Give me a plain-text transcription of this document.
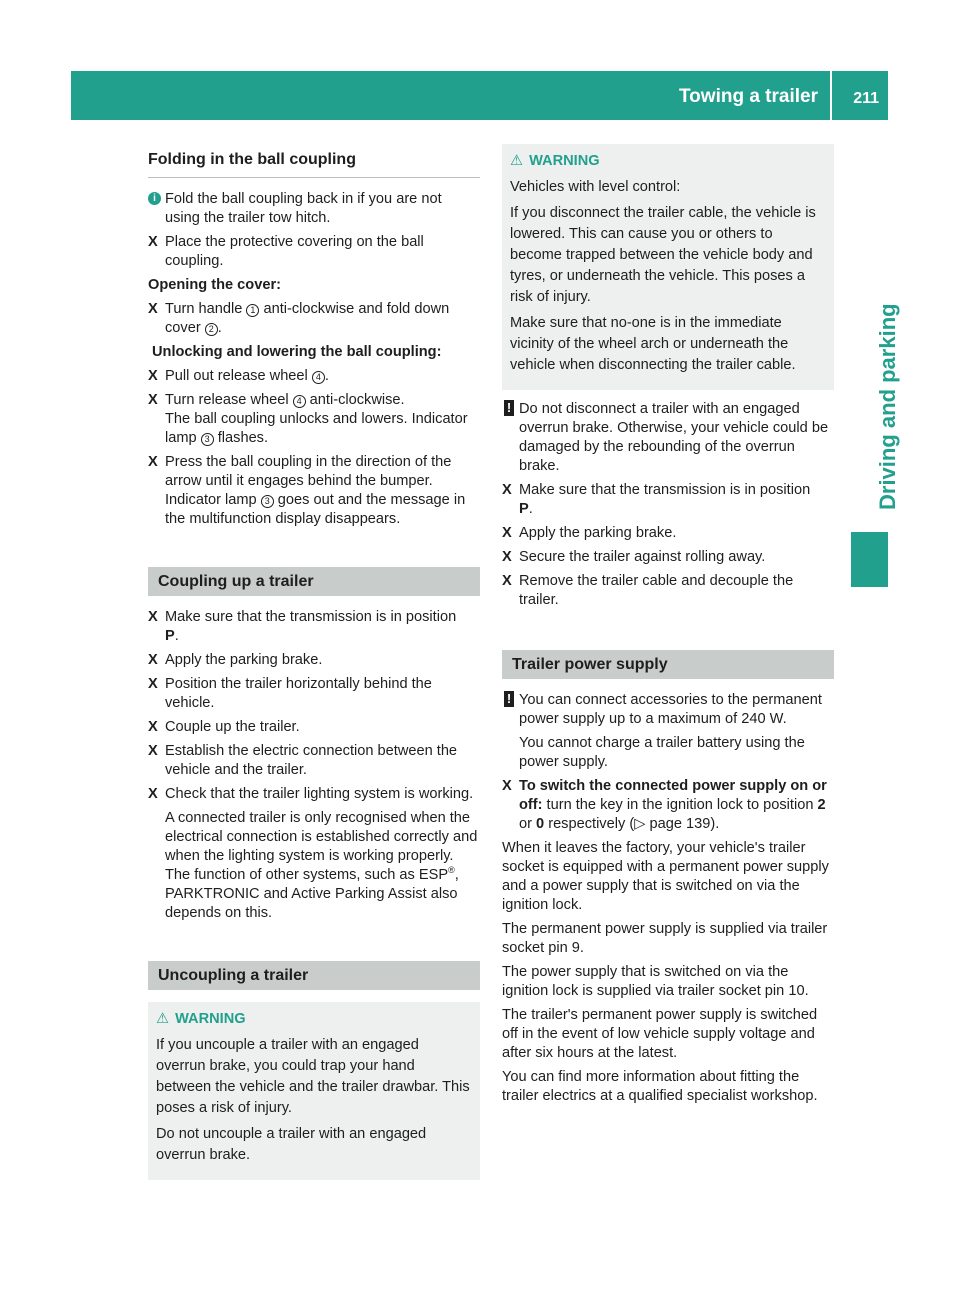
Towing a trailer 211
Driving and parking
Folding in the ball coupling
i Fold the ball coupling back in if you are not using the trailer tow hitch.
X Place the protective covering on the ball coupling.
Opening the cover:
X Turn handle 1 anti-clockwise and fold down cover 2 .
Unlocking and lowering the ball coupling:
X Pull out release wheel 4 .
X Turn release wheel 4 anti-clockwise.
The ball coupling unlocks and lowers. Indicator lamp 3 flashes.
X Press the ball coupling in the direction of the arrow until it engages behind the bumper.
Indicator lamp 3 goes out and the message in the multifunction display disappears.
Coupling up a trailer
X Make sure that the transmission is in position
P.
X Apply the parking brake.
X Position the trailer horizontally behind the vehicle.
X Couple up the trailer.
X Establish the electric connection between the vehicle and the trailer.
X Check that the trailer lighting system is working.
A connected trailer is only recognised when the electrical connection is established correctly and when the lighting system is working properly. The function of other systems, such as ESP®, PARKTRONIC and Active Parking Assist also depends on this.
Uncoupling a trailer
⚠ WARNING
If you uncouple a trailer with an engaged overrun brake, you could trap your hand between the vehicle and the trailer drawbar. This poses a risk of injury.
Do not uncouple a trailer with an engaged overrun brake.
⚠ WARNING
Vehicles with level control:
If you disconnect the trailer cable, the vehicle is lowered. This can cause you or others to become trapped between the vehicle body and tyres, or underneath the vehicle. This poses a risk of injury.
Make sure that no-one is in the immediate vicinity of the wheel arch or underneath the vehicle when disconnecting the trailer cable.
! Do not disconnect a trailer with an engaged overrun brake. Otherwise, your vehicle could be damaged by the rebounding of the overrun brake.
X Make sure that the transmission is in position
P.
X Apply the parking brake.
X Secure the trailer against rolling away.
X Remove the trailer cable and decouple the trailer.
Trailer power supply
! You can connect accessories to the permanent power supply up to a maximum of 240 W.
You cannot charge a trailer battery using the power supply.
X To switch the connected power supply on or off: turn the key in the ignition lock to position 2 or 0 respectively (▷ page 139).
When it leaves the factory, your vehicle's trailer socket is equipped with a permanent power supply and a power supply that is switched on via the ignition lock.
The permanent power supply is supplied via trailer socket pin 9.
The power supply that is switched on via the ignition lock is supplied via trailer socket pin 10.
The trailer's permanent power supply is switched off in the event of low vehicle supply voltage and after six hours at the latest.
You can find more information about fitting the trailer electrics at a qualified specialist workshop.
